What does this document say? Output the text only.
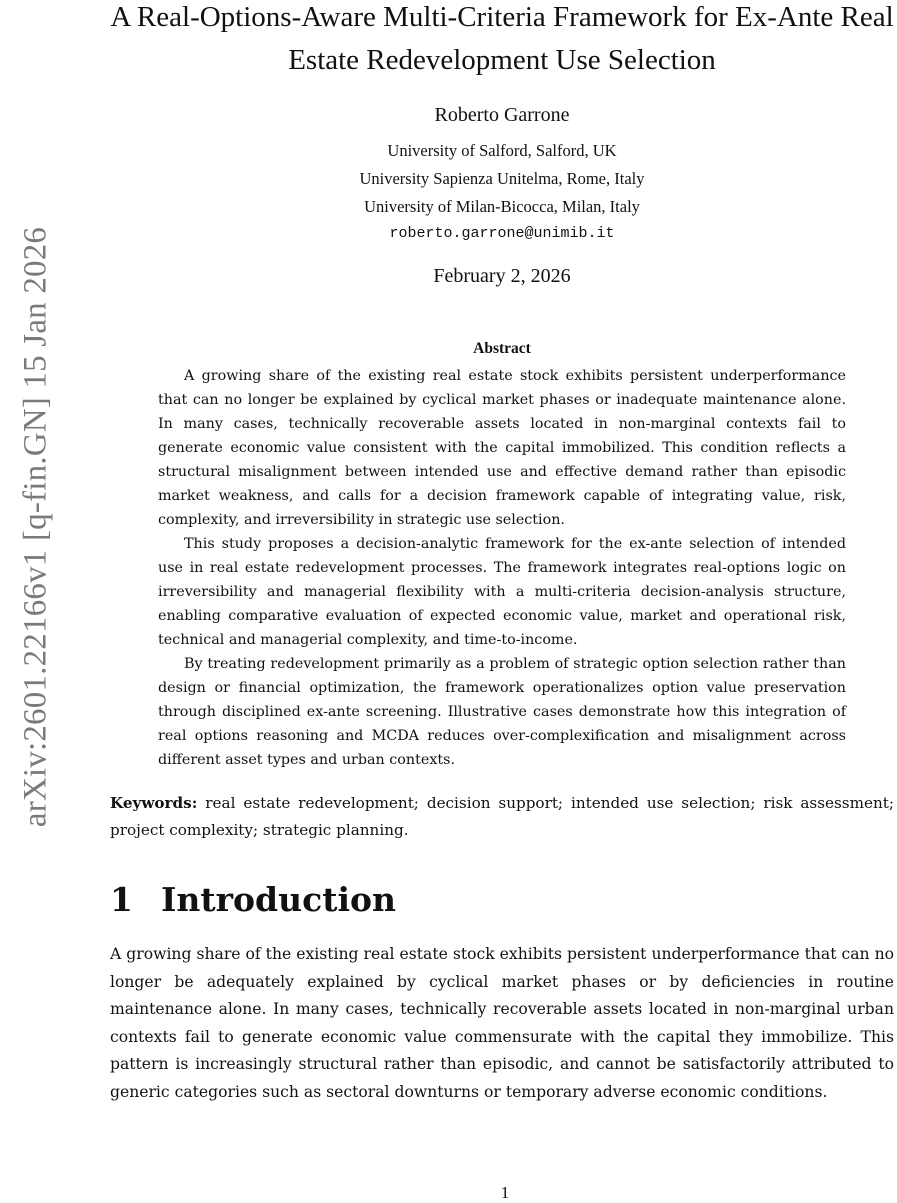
arXiv:2601.22166v1 [q-fin.GN] 15 Jan 2026
A Real-Options-Aware Multi-Criteria Framework for Ex-Ante Real Estate Redevelopment Use Selection
Roberto Garrone
University of Salford, Salford, UK
University Sapienza Unitelma, Rome, Italy
University of Milan-Bicocca, Milan, Italy
roberto.garrone@unimib.it
February 2, 2026
Abstract

A growing share of the existing real estate stock exhibits persistent underperformance that can no longer be explained by cyclical market phases or inadequate maintenance alone. In many cases, technically recoverable assets located in non-marginal contexts fail to generate economic value consistent with the capital immobilized. This condition reflects a structural misalignment between intended use and effective demand rather than episodic market weakness, and calls for a decision framework capable of integrating value, risk, complexity, and irreversibility in strategic use selection.

This study proposes a decision-analytic framework for the ex-ante selection of intended use in real estate redevelopment processes. The framework integrates real-options logic on irreversibility and managerial flexibility with a multi-criteria decision-analysis structure, enabling comparative evaluation of expected economic value, market and operational risk, technical and managerial complexity, and time-to-income.

By treating redevelopment primarily as a problem of strategic option selection rather than design or financial optimization, the framework operationalizes option value preservation through disciplined ex-ante screening. Illustrative cases demonstrate how this integration of real options reasoning and MCDA reduces over-complexification and misalignment across different asset types and urban contexts.

Keywords: real estate redevelopment; decision support; intended use selection; risk assessment; project complexity; strategic planning.
1 Introduction
A growing share of the existing real estate stock exhibits persistent underperformance that can no longer be adequately explained by cyclical market phases or by deficiencies in routine maintenance alone. In many cases, technically recoverable assets located in non-marginal urban contexts fail to generate economic value commensurate with the capital they immobilize. This pattern is increasingly structural rather than episodic, and cannot be satisfactorily attributed to generic categories such as sectoral downturns or temporary adverse economic conditions.
1
